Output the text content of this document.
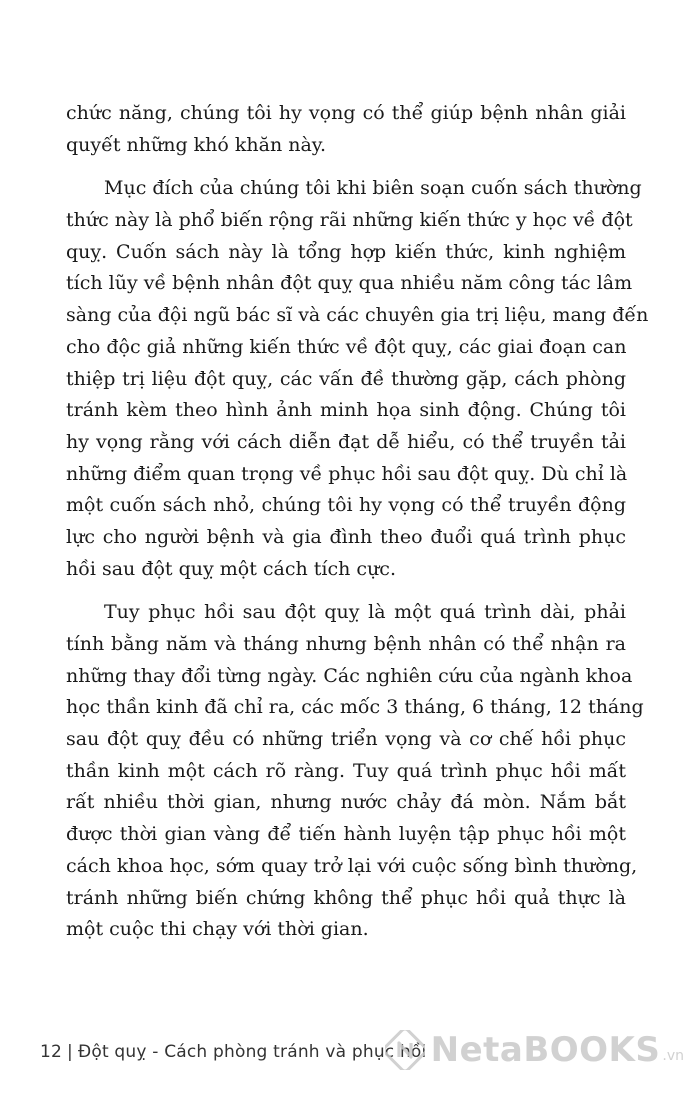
chức năng, chúng tôi hy vọng có thể giúp bệnh nhân giải
quyết những khó khăn này.
Mục đích của chúng tôi khi biên soạn cuốn sách thường
thức này là phổ biến rộng rãi những kiến thức y học về đột
quỵ. Cuốn sách này là tổng hợp kiến thức, kinh nghiệm
tích lũy về bệnh nhân đột quỵ qua nhiều năm công tác lâm
sàng của đội ngũ bác sĩ và các chuyên gia trị liệu, mang đến
cho độc giả những kiến thức về đột quỵ, các giai đoạn can
thiệp trị liệu đột quỵ, các vấn đề thường gặp, cách phòng
tránh kèm theo hình ảnh minh họa sinh động. Chúng tôi
hy vọng rằng với cách diễn đạt dễ hiểu, có thể truyền tải
những điểm quan trọng về phục hồi sau đột quỵ. Dù chỉ là
một cuốn sách nhỏ, chúng tôi hy vọng có thể truyền động
lực cho người bệnh và gia đình theo đuổi quá trình phục
hồi sau đột quỵ một cách tích cực.
Tuy phục hồi sau đột quỵ là một quá trình dài, phải
tính bằng năm và tháng nhưng bệnh nhân có thể nhận ra
những thay đổi từng ngày. Các nghiên cứu của ngành khoa
học thần kinh đã chỉ ra, các mốc 3 tháng, 6 tháng, 12 tháng
sau đột quỵ đều có những triển vọng và cơ chế hồi phục
thần kinh một cách rõ ràng. Tuy quá trình phục hồi mất
rất nhiều thời gian, nhưng nước chảy đá mòn. Nắm bắt
được thời gian vàng để tiến hành luyện tập phục hồi một
cách khoa học, sớm quay trở lại với cuộc sống bình thường,
tránh những biến chứng không thể phục hồi quả thực là
một cuộc thi chạy với thời gian.
12 | Đột quỵ - Cách phòng tránh và phục hồi NetaBOOKS .vn
